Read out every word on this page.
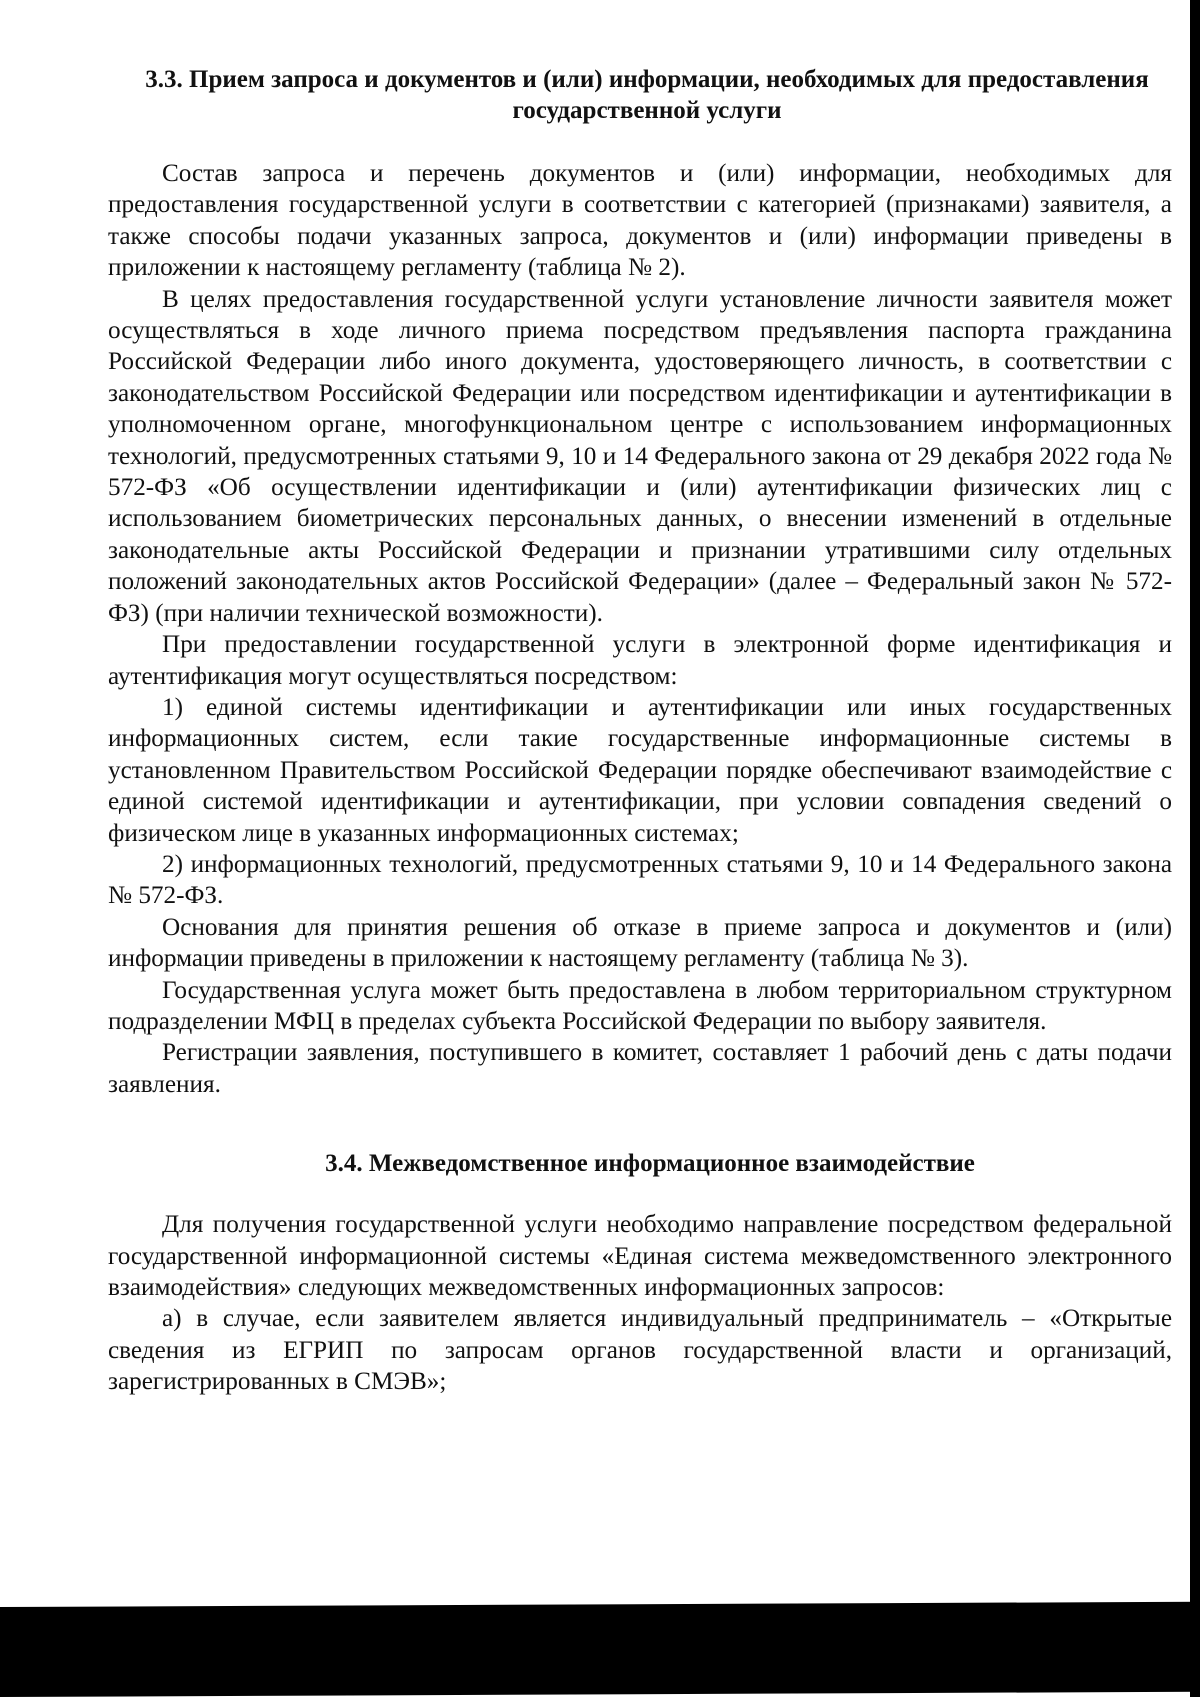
3.3. Прием запроса и документов и (или) информации, необходимых для предоставления государственной услуги

Состав запроса и перечень документов и (или) информации, необходимых для предоставления государственной услуги в соответствии с категорией (признаками) заявителя, а также способы подачи указанных запроса, документов и (или) информации приведены в приложении к настоящему регламенту (таблица № 2).

В целях предоставления государственной услуги установление личности заявителя может осуществляться в ходе личного приема посредством предъявления паспорта гражданина Российской Федерации либо иного документа, удостоверяющего личность, в соответствии с законодательством Российской Федерации или посредством идентификации и аутентификации в уполномоченном органе, многофункциональном центре с использованием информационных технологий, предусмотренных статьями 9, 10 и 14 Федерального закона от 29 декабря 2022 года № 572-ФЗ «Об осуществлении идентификации и (или) аутентификации физических лиц с использованием биометрических персональных данных, о внесении изменений в отдельные законодательные акты Российской Федерации и признании утратившими силу отдельных положений законодательных актов Российской Федерации» (далее – Федеральный закон № 572-ФЗ) (при наличии технической возможности).

При предоставлении государственной услуги в электронной форме идентификация и аутентификация могут осуществляться посредством:

1) единой системы идентификации и аутентификации или иных государственных информационных систем, если такие государственные информационные системы в установленном Правительством Российской Федерации порядке обеспечивают взаимодействие с единой системой идентификации и аутентификации, при условии совпадения сведений о физическом лице в указанных информационных системах;

2) информационных технологий, предусмотренных статьями 9, 10 и 14 Федерального закона № 572-ФЗ.

Основания для принятия решения об отказе в приеме запроса и документов и (или) информации приведены в приложении к настоящему регламенту (таблица № 3).

Государственная услуга может быть предоставлена в любом территориальном структурном подразделении МФЦ в пределах субъекта Российской Федерации по выбору заявителя.

Регистрации заявления, поступившего в комитет, составляет 1 рабочий день с даты подачи заявления.

3.4. Межведомственное информационное взаимодействие

Для получения государственной услуги необходимо направление посредством федеральной государственной информационной системы «Единая система межведомственного электронного взаимодействия» следующих межведомственных информационных запросов:

а) в случае, если заявителем является индивидуальный предприниматель – «Открытые сведения из ЕГРИП по запросам органов государственной власти и организаций, зарегистрированных в СМЭВ»;
